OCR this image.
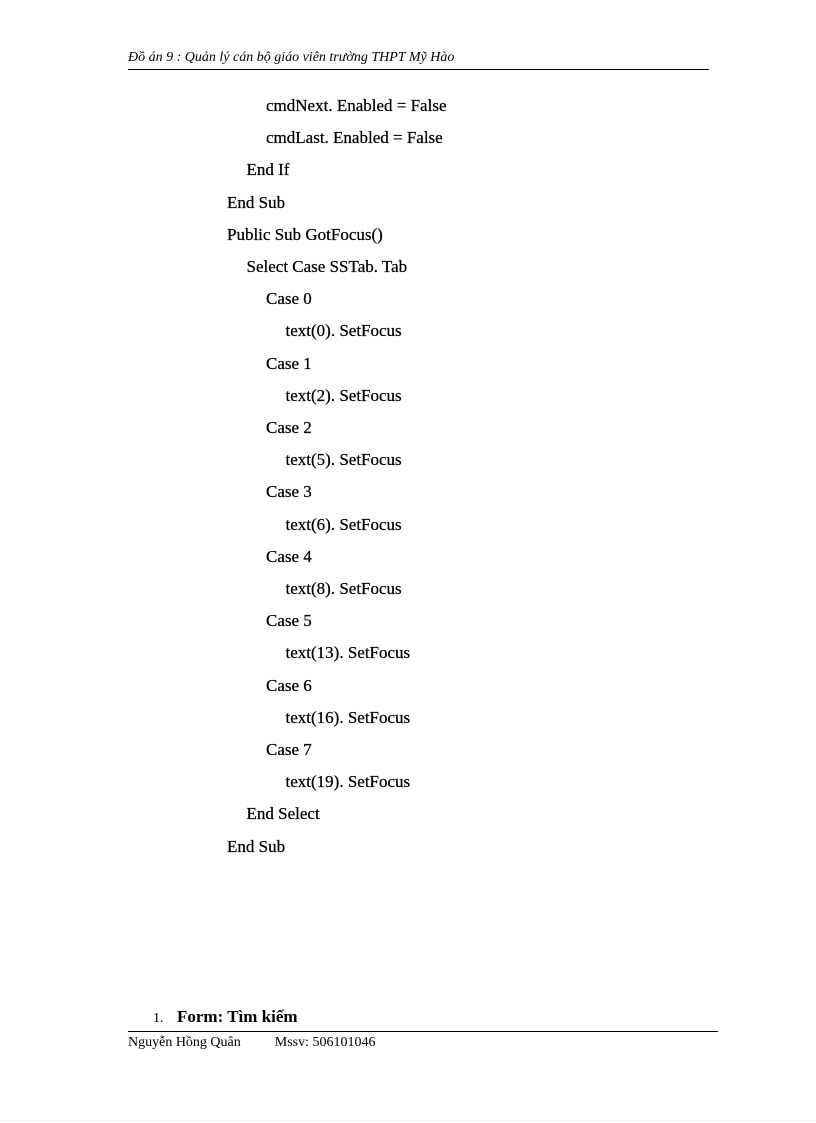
Đồ án 9 : Quản lý cán bộ giáo viên trường THPT Mỹ Hào
cmdNext. Enabled = False
cmdLast. Enabled = False
End If
End Sub
Public Sub GotFocus()
Select Case SSTab. Tab
Case 0
text(0). SetFocus
Case 1
text(2). SetFocus
Case 2
text(5). SetFocus
Case 3
text(6). SetFocus
Case 4
text(8). SetFocus
Case 5
text(13). SetFocus
Case 6
text(16). SetFocus
Case 7
text(19). SetFocus
End Select
End Sub
1. Form: Tìm kiếm
Nguyễn Hồng Quân Mssv: 506101046
